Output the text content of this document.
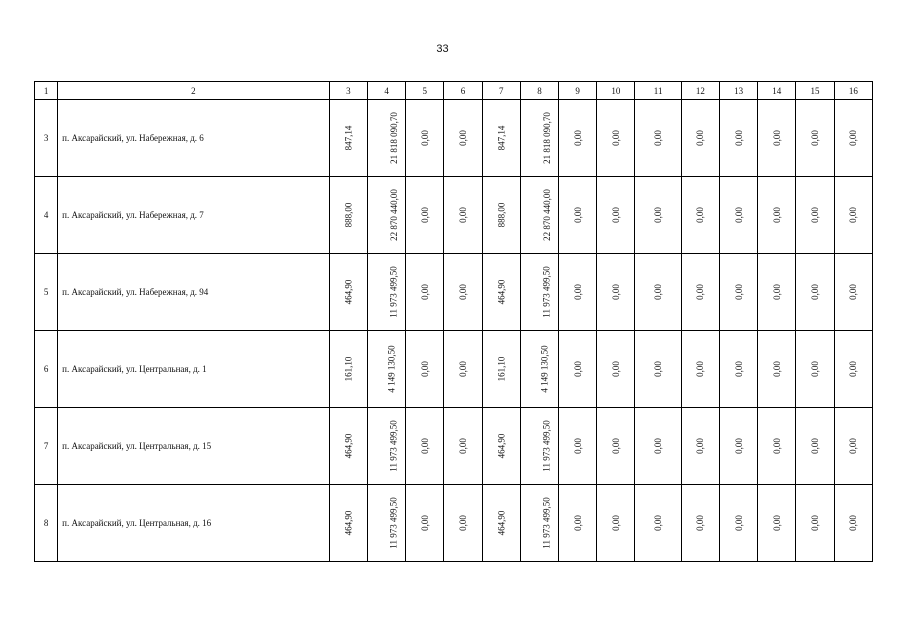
33
1	2	3	4	5	6	7	8	9	10	11	12	13	14	15	16
3	п. Аксарайский, ул. Набережная, д. 6	847,14	21 818 090,70	0,00	0,00	847,14	21 818 090,70	0,00	0,00	0,00	0,00	0,00	0,00	0,00	0,00
4	п. Аксарайский, ул. Набережная, д. 7	888,00	22 870 440,00	0,00	0,00	888,00	22 870 440,00	0,00	0,00	0,00	0,00	0,00	0,00	0,00	0,00
5	п. Аксарайский, ул. Набережная, д. 94	464,90	11 973 499,50	0,00	0,00	464,90	11 973 499,50	0,00	0,00	0,00	0,00	0,00	0,00	0,00	0,00
6	п. Аксарайский, ул. Центральная, д. 1	161,10	4 149 130,50	0,00	0,00	161,10	4 149 130,50	0,00	0,00	0,00	0,00	0,00	0,00	0,00	0,00
7	п. Аксарайский, ул. Центральная, д. 15	464,90	11 973 499,50	0,00	0,00	464,90	11 973 499,50	0,00	0,00	0,00	0,00	0,00	0,00	0,00	0,00
8	п. Аксарайский, ул. Центральная, д. 16	464,90	11 973 499,50	0,00	0,00	464,90	11 973 499,50	0,00	0,00	0,00	0,00	0,00	0,00	0,00	0,00
